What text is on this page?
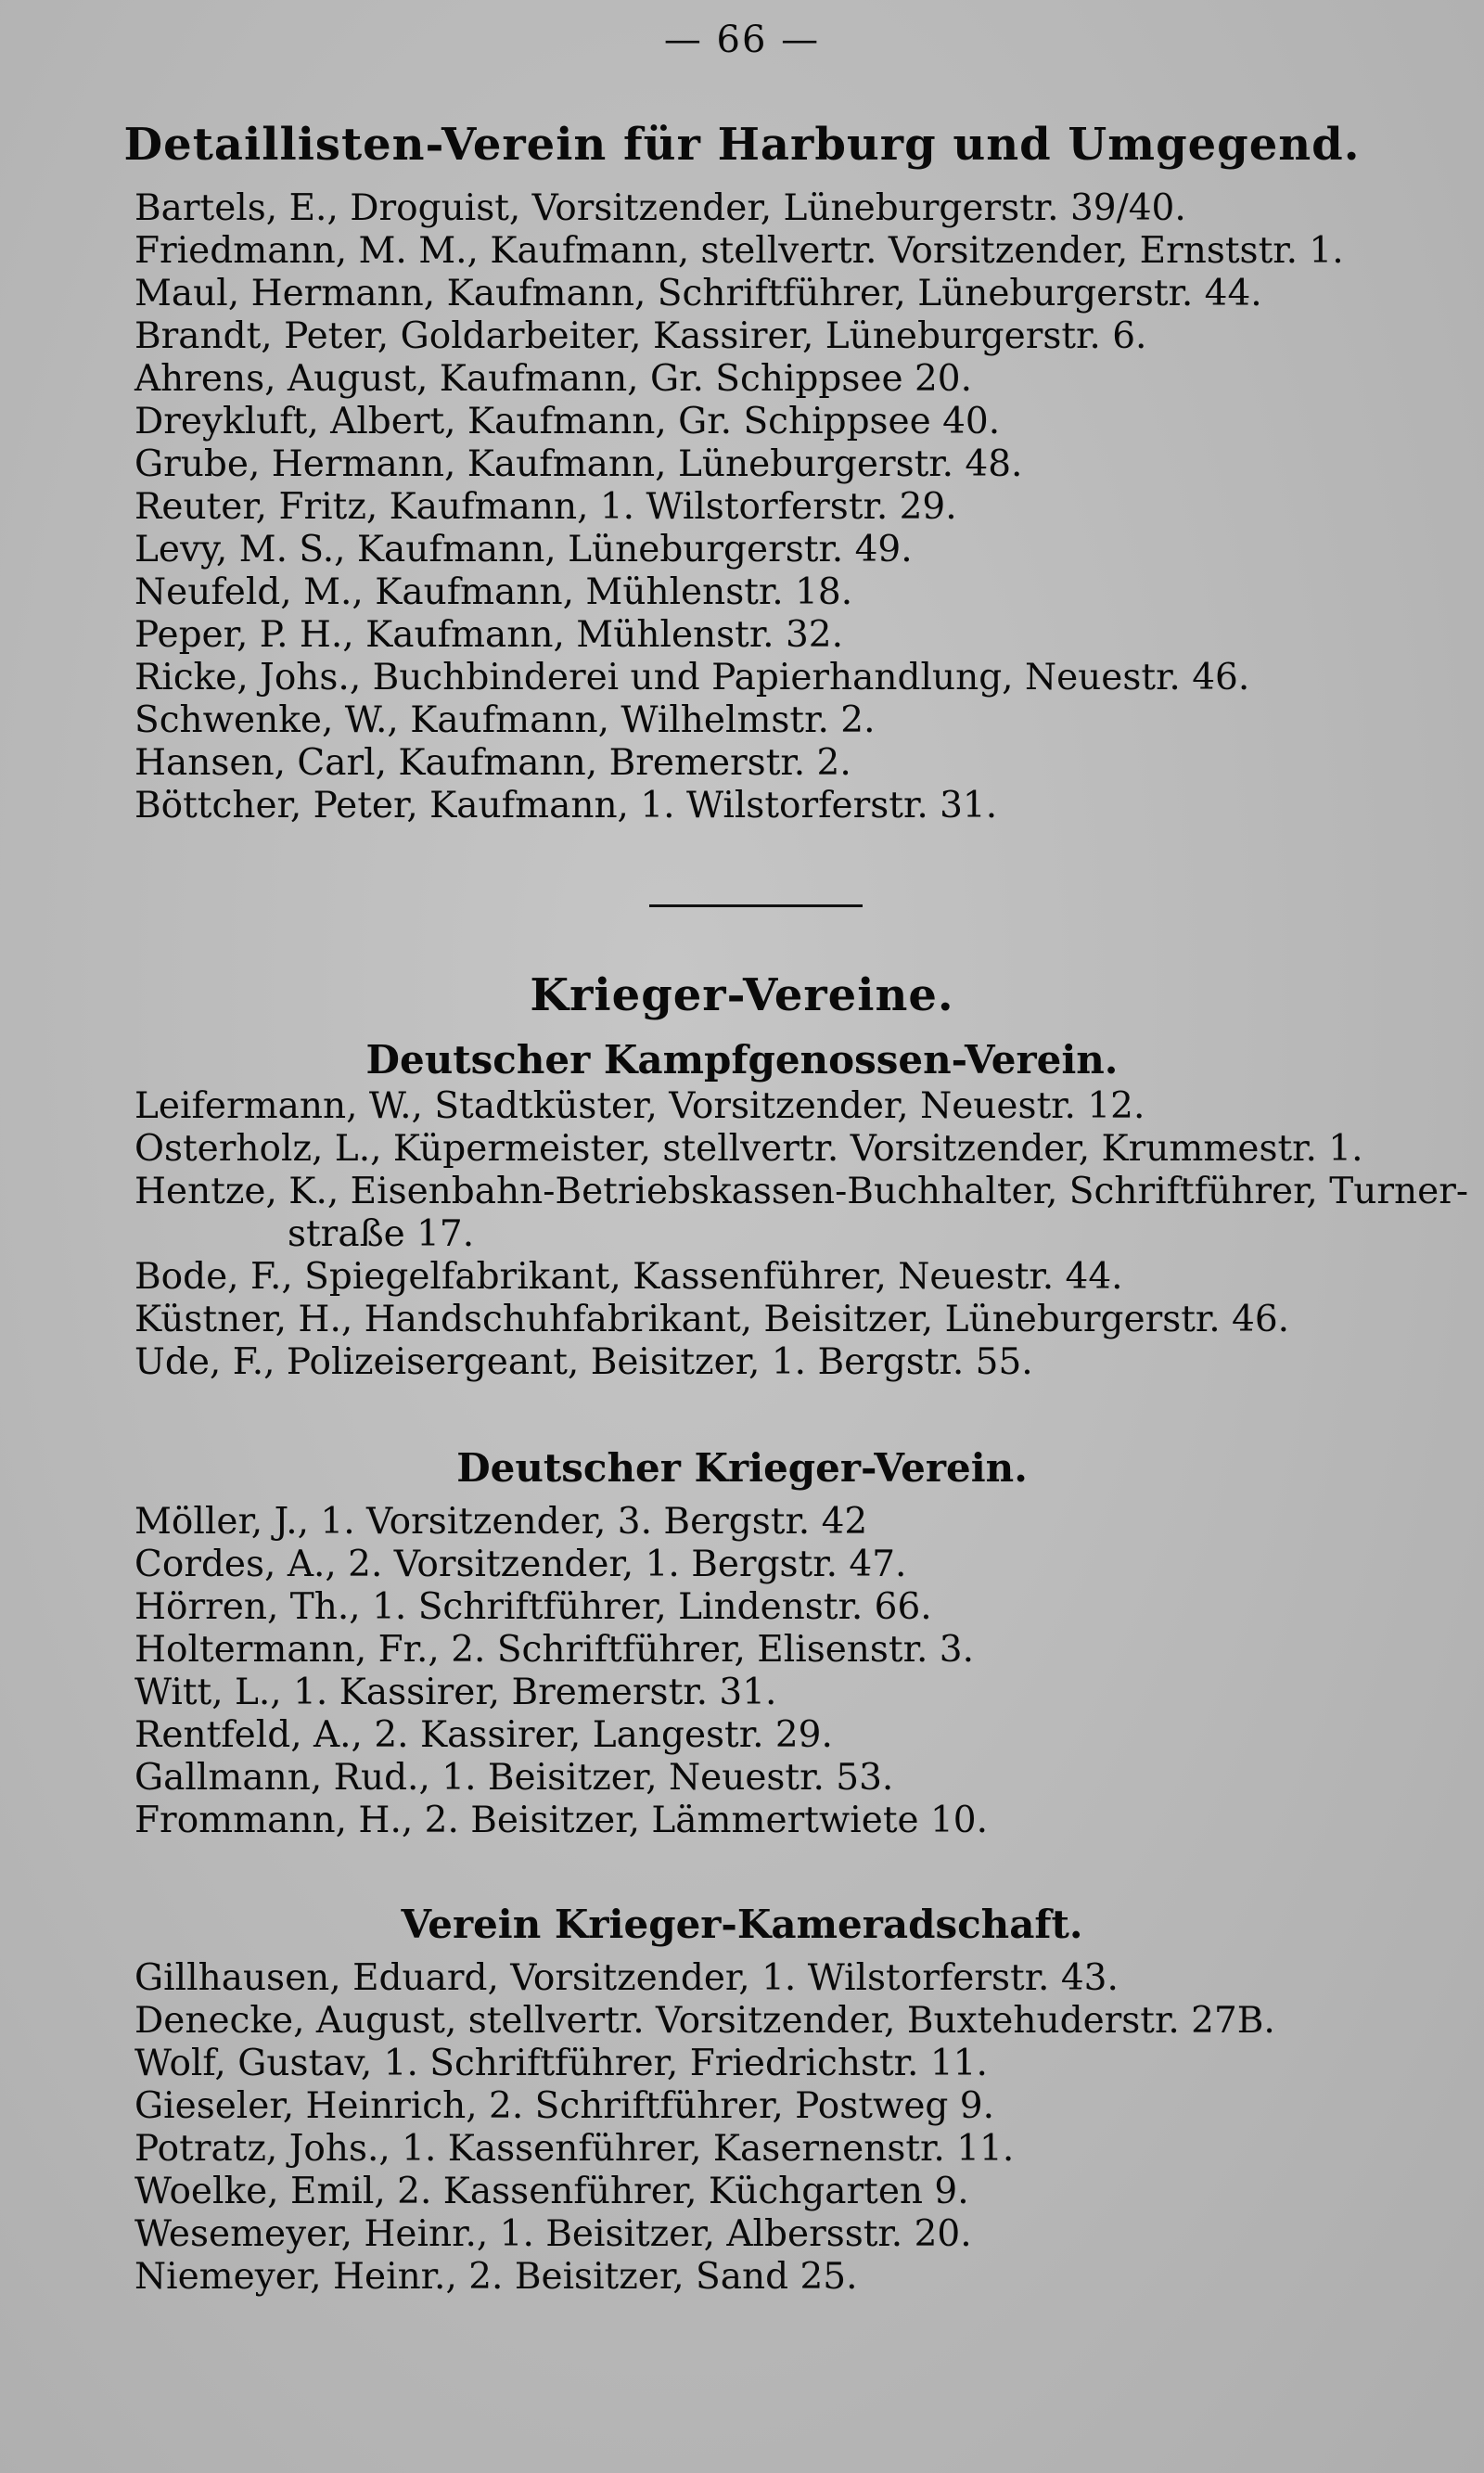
— 66 —
Detaillisten-Verein für Harburg und Umgegend.
Bartels, E., Droguist, Vorsitzender, Lüneburgerstr. 39/40.
Friedmann, M. M., Kaufmann, stellvertr. Vorsitzender, Ernststr. 1.
Maul, Hermann, Kaufmann, Schriftführer, Lüneburgerstr. 44.
Brandt, Peter, Goldarbeiter, Kassirer, Lüneburgerstr. 6.
Ahrens, August, Kaufmann, Gr. Schippsee 20.
Dreykluft, Albert, Kaufmann, Gr. Schippsee 40.
Grube, Hermann, Kaufmann, Lüneburgerstr. 48.
Reuter, Fritz, Kaufmann, 1. Wilstorferstr. 29.
Levy, M. S., Kaufmann, Lüneburgerstr. 49.
Neufeld, M., Kaufmann, Mühlenstr. 18.
Peper, P. H., Kaufmann, Mühlenstr. 32.
Ricke, Johs., Buchbinderei und Papierhandlung, Neuestr. 46.
Schwenke, W., Kaufmann, Wilhelmstr. 2.
Hansen, Carl, Kaufmann, Bremerstr. 2.
Böttcher, Peter, Kaufmann, 1. Wilstorferstr. 31.
Krieger-Vereine.
Deutscher Kampfgenossen-Verein.
Leifermann, W., Stadtküster, Vorsitzender, Neuestr. 12.
Osterholz, L., Küpermeister, stellvertr. Vorsitzender, Krummestr. 1.
Hentze, K., Eisenbahn-Betriebskassen-Buchhalter, Schriftführer, Turner-
straße 17.
Bode, F., Spiegelfabrikant, Kassenführer, Neuestr. 44.
Küstner, H., Handschuhfabrikant, Beisitzer, Lüneburgerstr. 46.
Ude, F., Polizeisergeant, Beisitzer, 1. Bergstr. 55.
Deutscher Krieger-Verein.
Möller, J., 1. Vorsitzender, 3. Bergstr. 42
Cordes, A., 2. Vorsitzender, 1. Bergstr. 47.
Hörren, Th., 1. Schriftführer, Lindenstr. 66.
Holtermann, Fr., 2. Schriftführer, Elisenstr. 3.
Witt, L., 1. Kassirer, Bremerstr. 31.
Rentfeld, A., 2. Kassirer, Langestr. 29.
Gallmann, Rud., 1. Beisitzer, Neuestr. 53.
Frommann, H., 2. Beisitzer, Lämmertwiete 10.
Verein Krieger-Kameradschaft.
Gillhausen, Eduard, Vorsitzender, 1. Wilstorferstr. 43.
Denecke, August, stellvertr. Vorsitzender, Buxtehuderstr. 27B.
Wolf, Gustav, 1. Schriftführer, Friedrichstr. 11.
Gieseler, Heinrich, 2. Schriftführer, Postweg 9.
Potratz, Johs., 1. Kassenführer, Kasernenstr. 11.
Woelke, Emil, 2. Kassenführer, Küchgarten 9.
Wesemeyer, Heinr., 1. Beisitzer, Albersstr. 20.
Niemeyer, Heinr., 2. Beisitzer, Sand 25.
